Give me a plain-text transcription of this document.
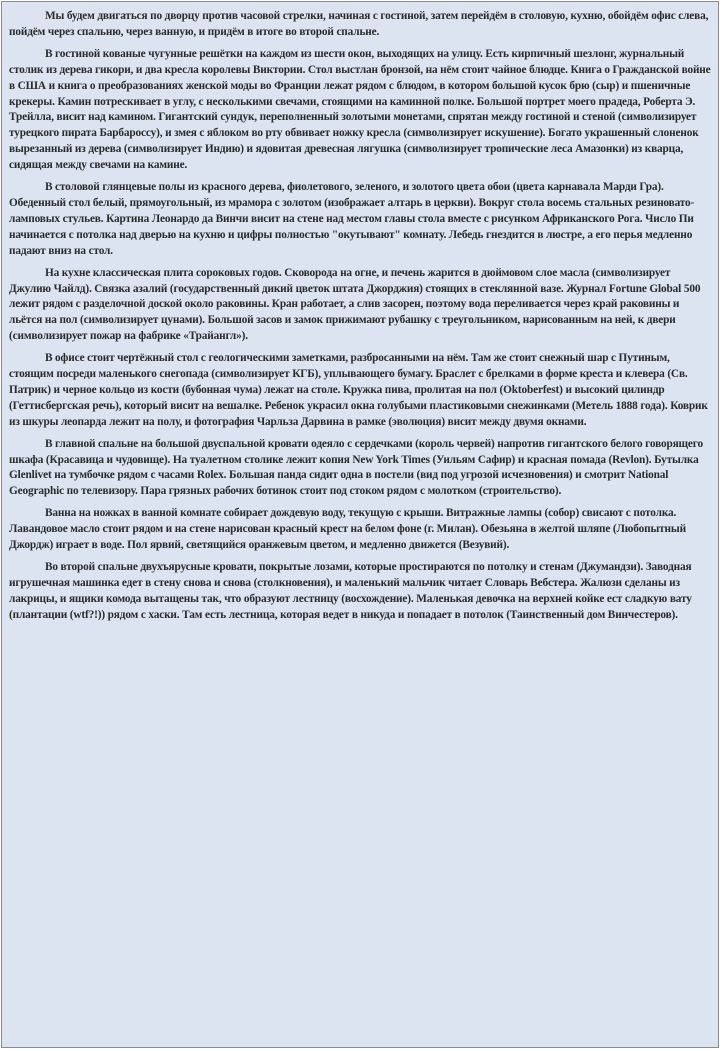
Мы будем двигаться по дворцу против часовой стрелки, начиная с гостиной, затем перейдём в столовую, кухню, обойдём офис слева, пойдём через спальню, через ванную, и придём в итоге во второй спальне.

В гостиной кованые чугунные решётки на каждом из шести окон, выходящих на улицу. Есть кирпичный шезлонг, журнальный столик из дерева гикори, и два кресла королевы Виктории. Стол выстлан бронзой, на нём стоит чайное блюдце. Книга о Гражданской войне в США и книга о преобразованиях женской моды во Франции лежат рядом с блюдом, в котором большой кусок брю (сыр) и пшеничные крекеры. Камин потрескивает в углу, с несколькими свечами, стоящими на каминной полке. Большой портрет моего прадеда, Роберта Э. Трейлла, висит над камином. Гигантский сундук, переполненный золотыми монетами, спрятан между гостиной и стеной (символизирует турецкого пирата Барбароссу), и змея с яблоком во рту обвивает ножку кресла (символизирует искушение). Богато украшенный слоненок вырезанный из дерева (символизирует Индию) и ядовитая древесная лягушка (символизирует тропические леса Амазонки) из кварца, сидящая между свечами на камине.

В столовой глянцевые полы из красного дерева, фиолетового, зеленого, и золотого цвета обои (цвета карнавала Марди Гра). Обеденный стол белый, прямоугольный, из мрамора с золотом (изображает алтарь в церкви). Вокруг стола восемь стальных резиновато-ламповых стульев. Картина Леонардо да Винчи висит на стене над местом главы стола вместе с рисунком Африканского Рога. Число Пи начинается с потолка над дверью на кухню и цифры полностью "окутывают" комнату. Лебедь гнездится в люстре, а его перья медленно падают вниз на стол.

На кухне классическая плита сороковых годов. Сковорода на огне, и печень жарится в дюймовом слое масла (символизирует Джулию Чайлд). Связка азалий (государственный дикий цветок штата Джорджия) стоящих в стеклянной вазе. Журнал Fortune Global 500 лежит рядом с разделочной доской около раковины. Кран работает, а слив засорен, поэтому вода переливается через край раковины и льётся на пол (символизирует цунами). Большой засов и замок прижимают рубашку с треугольником, нарисованным на ней, к двери (символизирует пожар на фабрике «Трайангл»).

В офисе стоит чертёжный стол с геологическими заметками, разбросанными на нём. Там же стоит снежный шар с Путиным, стоящим посреди маленького снегопада (символизирует КГБ), уплывающего бумагу. Браслет с брелками в форме креста и клевера (Св. Патрик) и черное кольцо из кости (бубонная чума) лежат на столе. Кружка пива, пролитая на пол (Oktoberfest) и высокий цилиндр (Геттисбергская речь), который висит на вешалке. Ребенок украсил окна голубыми пластиковыми снежинками (Метель 1888 года). Коврик из шкуры леопарда лежит на полу, и фотография Чарльза Дарвина в рамке (эволюция) висит между двумя окнами.

В главной спальне на большой двуспальной кровати одеяло с сердечками (король червей) напротив гигантского белого говорящего шкафа (Красавица и чудовище). На туалетном столике лежит копия New York Times (Уильям Сафир) и красная помада (Revlon). Бутылка Glenlivet на тумбочке рядом с часами Rolex. Большая панда сидит одна в постели (вид под угрозой исчезновения) и смотрит National Geographic по телевизору. Пара грязных рабочих ботинок стоит под стоком рядом с молотком (строительство).

Ванна на ножках в ванной комнате собирает дождевую воду, текущую с крыши. Витражные лампы (собор) свисают с потолка. Лавандовое масло стоит рядом и на стене нарисован красный крест на белом фоне (г. Милан). Обезьяна в желтой шляпе (Любопытный Джордж) играет в воде. Пол ярвий, светящийся оранжевым цветом, и медленно движется (Везувий).

Во второй спальне двухъярусные кровати, покрытые лозами, которые простираются по потолку и стенам (Джумандзи). Заводная игрушечная машинка едет в стену снова и снова (столкновения), и маленький мальчик читает Словарь Вебстера. Жалюзи сделаны из лакрицы, и ящики комода вытащены так, что образуют лестницу (восхождение). Маленькая девочка на верхней койке ест сладкую вату (плантации (wtf?!)) рядом с хаски. Там есть лестница, которая ведет в никуда и попадает в потолок (Таинственный дом Винчестеров).
